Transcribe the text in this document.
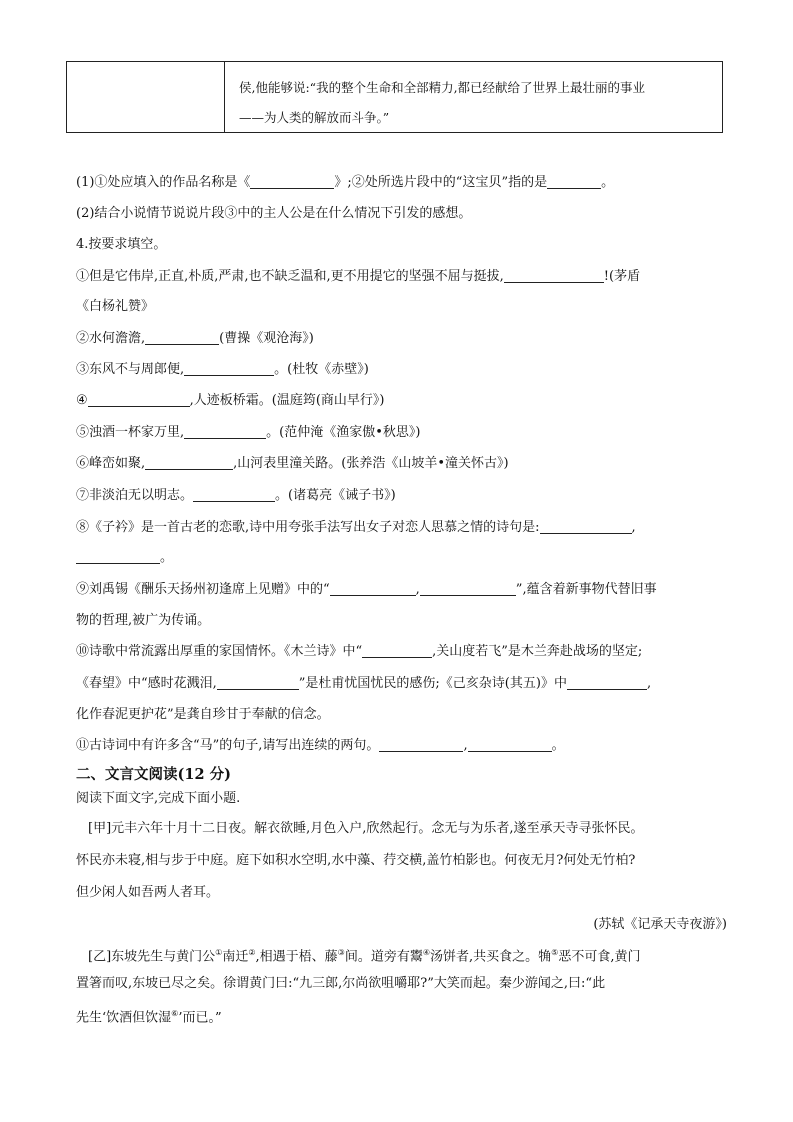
侯,他能够说:“我的整个生命和全部精力,都已经献给了世界上最壮丽的事业
——为人类的解放而斗争。”
(1)①处应填入的作品名称是《	》;②处所选片段中的“这宝贝”指的是	。
(2)结合小说情节说说片段③中的主人公是在什么情况下引发的感想。
4.按要求填空。
①但是它伟岸,正直,朴质,严肃,也不缺乏温和,更不用提它的坚强不屈与挺拔,	!(茅盾
《白杨礼赞》
②水何澹澹,	(曹操《观沧海》)
③东风不与周郎便,	。(杜牧《赤壁》)
④	,人迹板桥霜。(温庭筠(商山早行》)
⑤浊酒一杯家万里,	。(范仲淹《渔家傲•秋思》)
⑥峰峦如聚,	,山河表里潼关路。(张养浩《山坡羊•潼关怀古》)
⑦非淡泊无以明志。	。(诸葛亮《诫子书》)
⑧《子衿》是一首古老的恋歌,诗中用夸张手法写出女子对恋人思慕之情的诗句是:	,
。
⑨刘禹锡《酬乐天扬州初逢席上见赠》中的“	,	”,蕴含着新事物代替旧事
物的哲理,被广为传诵。
⑩诗歌中常流露出厚重的家国情怀。《木兰诗》中“	,关山度若飞”是木兰奔赴战场的坚定;
《春望》中“感时花溅泪,	”是杜甫忧国忧民的感伤;《己亥杂诗(其五)》中	,
化作春泥更护花”是龚自珍甘于奉献的信念。
⑪古诗词中有许多含“马”的句子,请写出连续的两句。	,	。
二、文言文阅读(12 分)
阅读下面文字,完成下面小题.
[甲]元丰六年十月十二日夜。解衣欲睡,月色入户,欣然起行。念无与为乐者,遂至承天寺寻张怀民。
怀民亦未寝,相与步于中庭。庭下如积水空明,水中藻、荇交横,盖竹柏影也。何夜无月?何处无竹柏?
但少闲人如吾两人者耳。
(苏轼《记承天寺夜游》)
[乙]东坡先生与黄门公①南迁②,相遇于梧、藤③间。道旁有鬻④汤饼者,共买食之。觕⑤恶不可食,黄门
置箸而叹,东坡已尽之矣。徐谓黄门曰:“九三郎,尔尚欲咀嚼耶?”大笑而起。秦少游闻之,曰:“此
先生‘饮酒但饮湿⑥’而已。”
